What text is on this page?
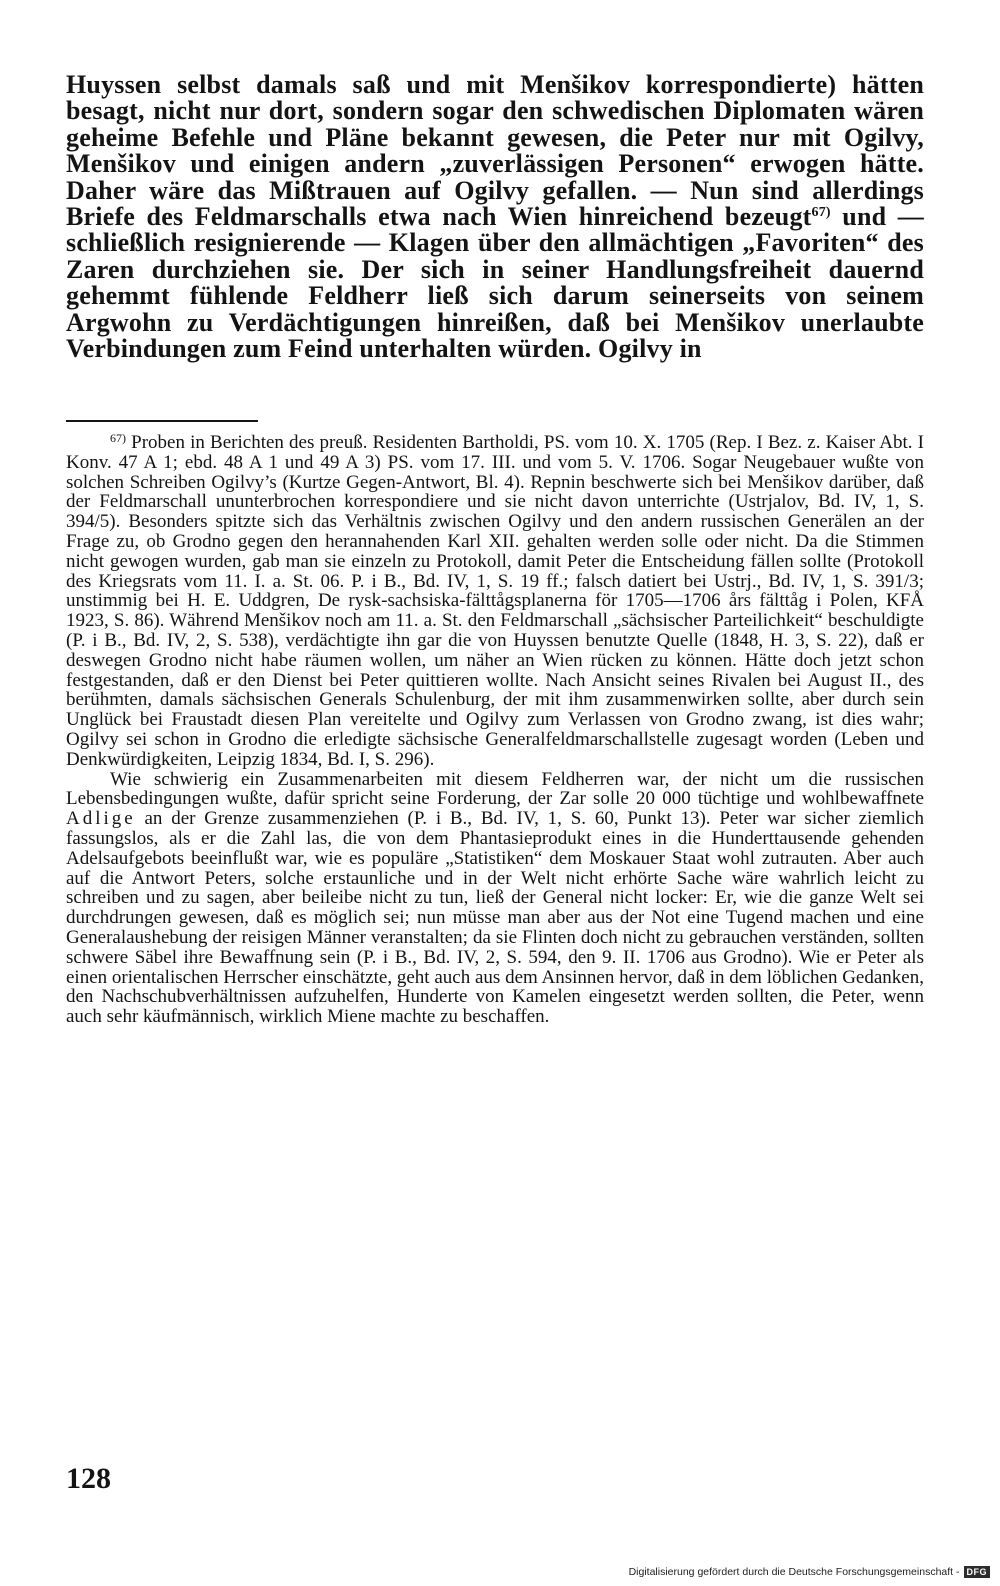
Huyssen selbst damals saß und mit Menšikov korrespondierte) hätten besagt, nicht nur dort, sondern sogar den schwedischen Diplomaten wären geheime Befehle und Pläne bekannt gewesen, die Peter nur mit Ogilvy, Menšikov und einigen andern „zuverlässigen Personen“ erwogen hätte. Daher wäre das Mißtrauen auf Ogilvy gefallen. — Nun sind allerdings Briefe des Feldmarschalls etwa nach Wien hinreichend bezeugt$^{67)}$ und — schließlich resignierende — Klagen über den allmächtigen „Favoriten“ des Zaren durchziehen sie. Der sich in seiner Handlungsfreiheit dauernd gehemmt fühlende Feldherr ließ sich darum seinerseits von seinem Argwohn zu Verdächtigungen hinreißen, daß bei Menšikov unerlaubte Verbindungen zum Feind unterhalten würden. Ogilvy in

$^{67)}$ Proben in Berichten des preuß. Residenten Bartholdi, PS. vom 10. X. 1705 (Rep. I Bez. z. Kaiser Abt. I Konv. 47 A 1; ebd. 48 A 1 und 49 A 3) PS. vom 17. III. und vom 5. V. 1706. Sogar Neugebauer wußte von solchen Schreiben Ogilvy’s (Kurtze Gegen-Antwort, Bl. 4). Repnin beschwerte sich bei Menšikov darüber, daß der Feldmarschall ununterbrochen korrespondiere und sie nicht davon unterrichte (Ustrjalov, Bd. IV, 1, S. 394/5). Besonders spitzte sich das Verhältnis zwischen Ogilvy und den andern russischen Generälen an der Frage zu, ob Grodno gegen den herannahenden Karl XII. gehalten werden solle oder nicht. Da die Stimmen nicht gewogen wurden, gab man sie einzeln zu Protokoll, damit Peter die Entscheidung fällen sollte (Protokoll des Kriegsrats vom 11. I. a. St. 06. P. i B., Bd. IV, 1, S. 19 ff.; falsch datiert bei Ustrj., Bd. IV, 1, S. 391/3; unstimmig bei H. E. Uddgren, De rysk-sachsiska-fälttågsplanerna för 1705—1706 års fälttåg i Polen, KFÅ 1923, S. 86). Während Menšikov noch am 11. a. St. den Feldmarschall „sächsischer Parteilichkeit“ beschuldigte (P. i B., Bd. IV, 2, S. 538), verdächtigte ihn gar die von Huyssen benutzte Quelle (1848, H. 3, S. 22), daß er deswegen Grodno nicht habe räumen wollen, um näher an Wien rücken zu können. Hätte doch jetzt schon festgestanden, daß er den Dienst bei Peter quittieren wollte. Nach Ansicht seines Rivalen bei August II., des berühmten, damals sächsischen Generals Schulenburg, der mit ihm zusammenwirken sollte, aber durch sein Unglück bei Fraustadt diesen Plan vereitelte und Ogilvy zum Verlassen von Grodno zwang, ist dies wahr; Ogilvy sei schon in Grodno die erledigte sächsische Generalfeldmarschallstelle zugesagt worden (Leben und Denkwürdigkeiten, Leipzig 1834, Bd. I, S. 296).

Wie schwierig ein Zusammenarbeiten mit diesem Feldherren war, der nicht um die russischen Lebensbedingungen wußte, dafür spricht seine Forderung, der Zar solle 20 000 tüchtige und wohlbewaffnete Adlige an der Grenze zusammenziehen (P. i B., Bd. IV, 1, S. 60, Punkt 13). Peter war sicher ziemlich fassungslos, als er die Zahl las, die von dem Phantasieprodukt eines in die Hunderttausende gehenden Adelsaufgebots beeinflußt war, wie es populäre „Statistiken“ dem Moskauer Staat wohl zutrauten. Aber auch auf die Antwort Peters, solche erstaunliche und in der Welt nicht erhörte Sache wäre wahrlich leicht zu schreiben und zu sagen, aber beileibe nicht zu tun, ließ der General nicht locker: Er, wie die ganze Welt sei durchdrungen gewesen, daß es möglich sei; nun müsse man aber aus der Not eine Tugend machen und eine Generalaushebung der reisigen Männer veranstalten; da sie Flinten doch nicht zu gebrauchen verständen, sollten schwere Säbel ihre Bewaffnung sein (P. i B., Bd. IV, 2, S. 594, den 9. II. 1706 aus Grodno). Wie er Peter als einen orientalischen Herrscher einschätzte, geht auch aus dem Ansinnen hervor, daß in dem löblichen Gedanken, den Nachschubverhältnissen aufzuhelfen, Hunderte von Kamelen eingesetzt werden sollten, die Peter, wenn auch sehr käufmännisch, wirklich Miene machte zu beschaffen.

128
Digitalisierung gefördert durch die Deutsche Forschungsgemeinschaft - DFG
